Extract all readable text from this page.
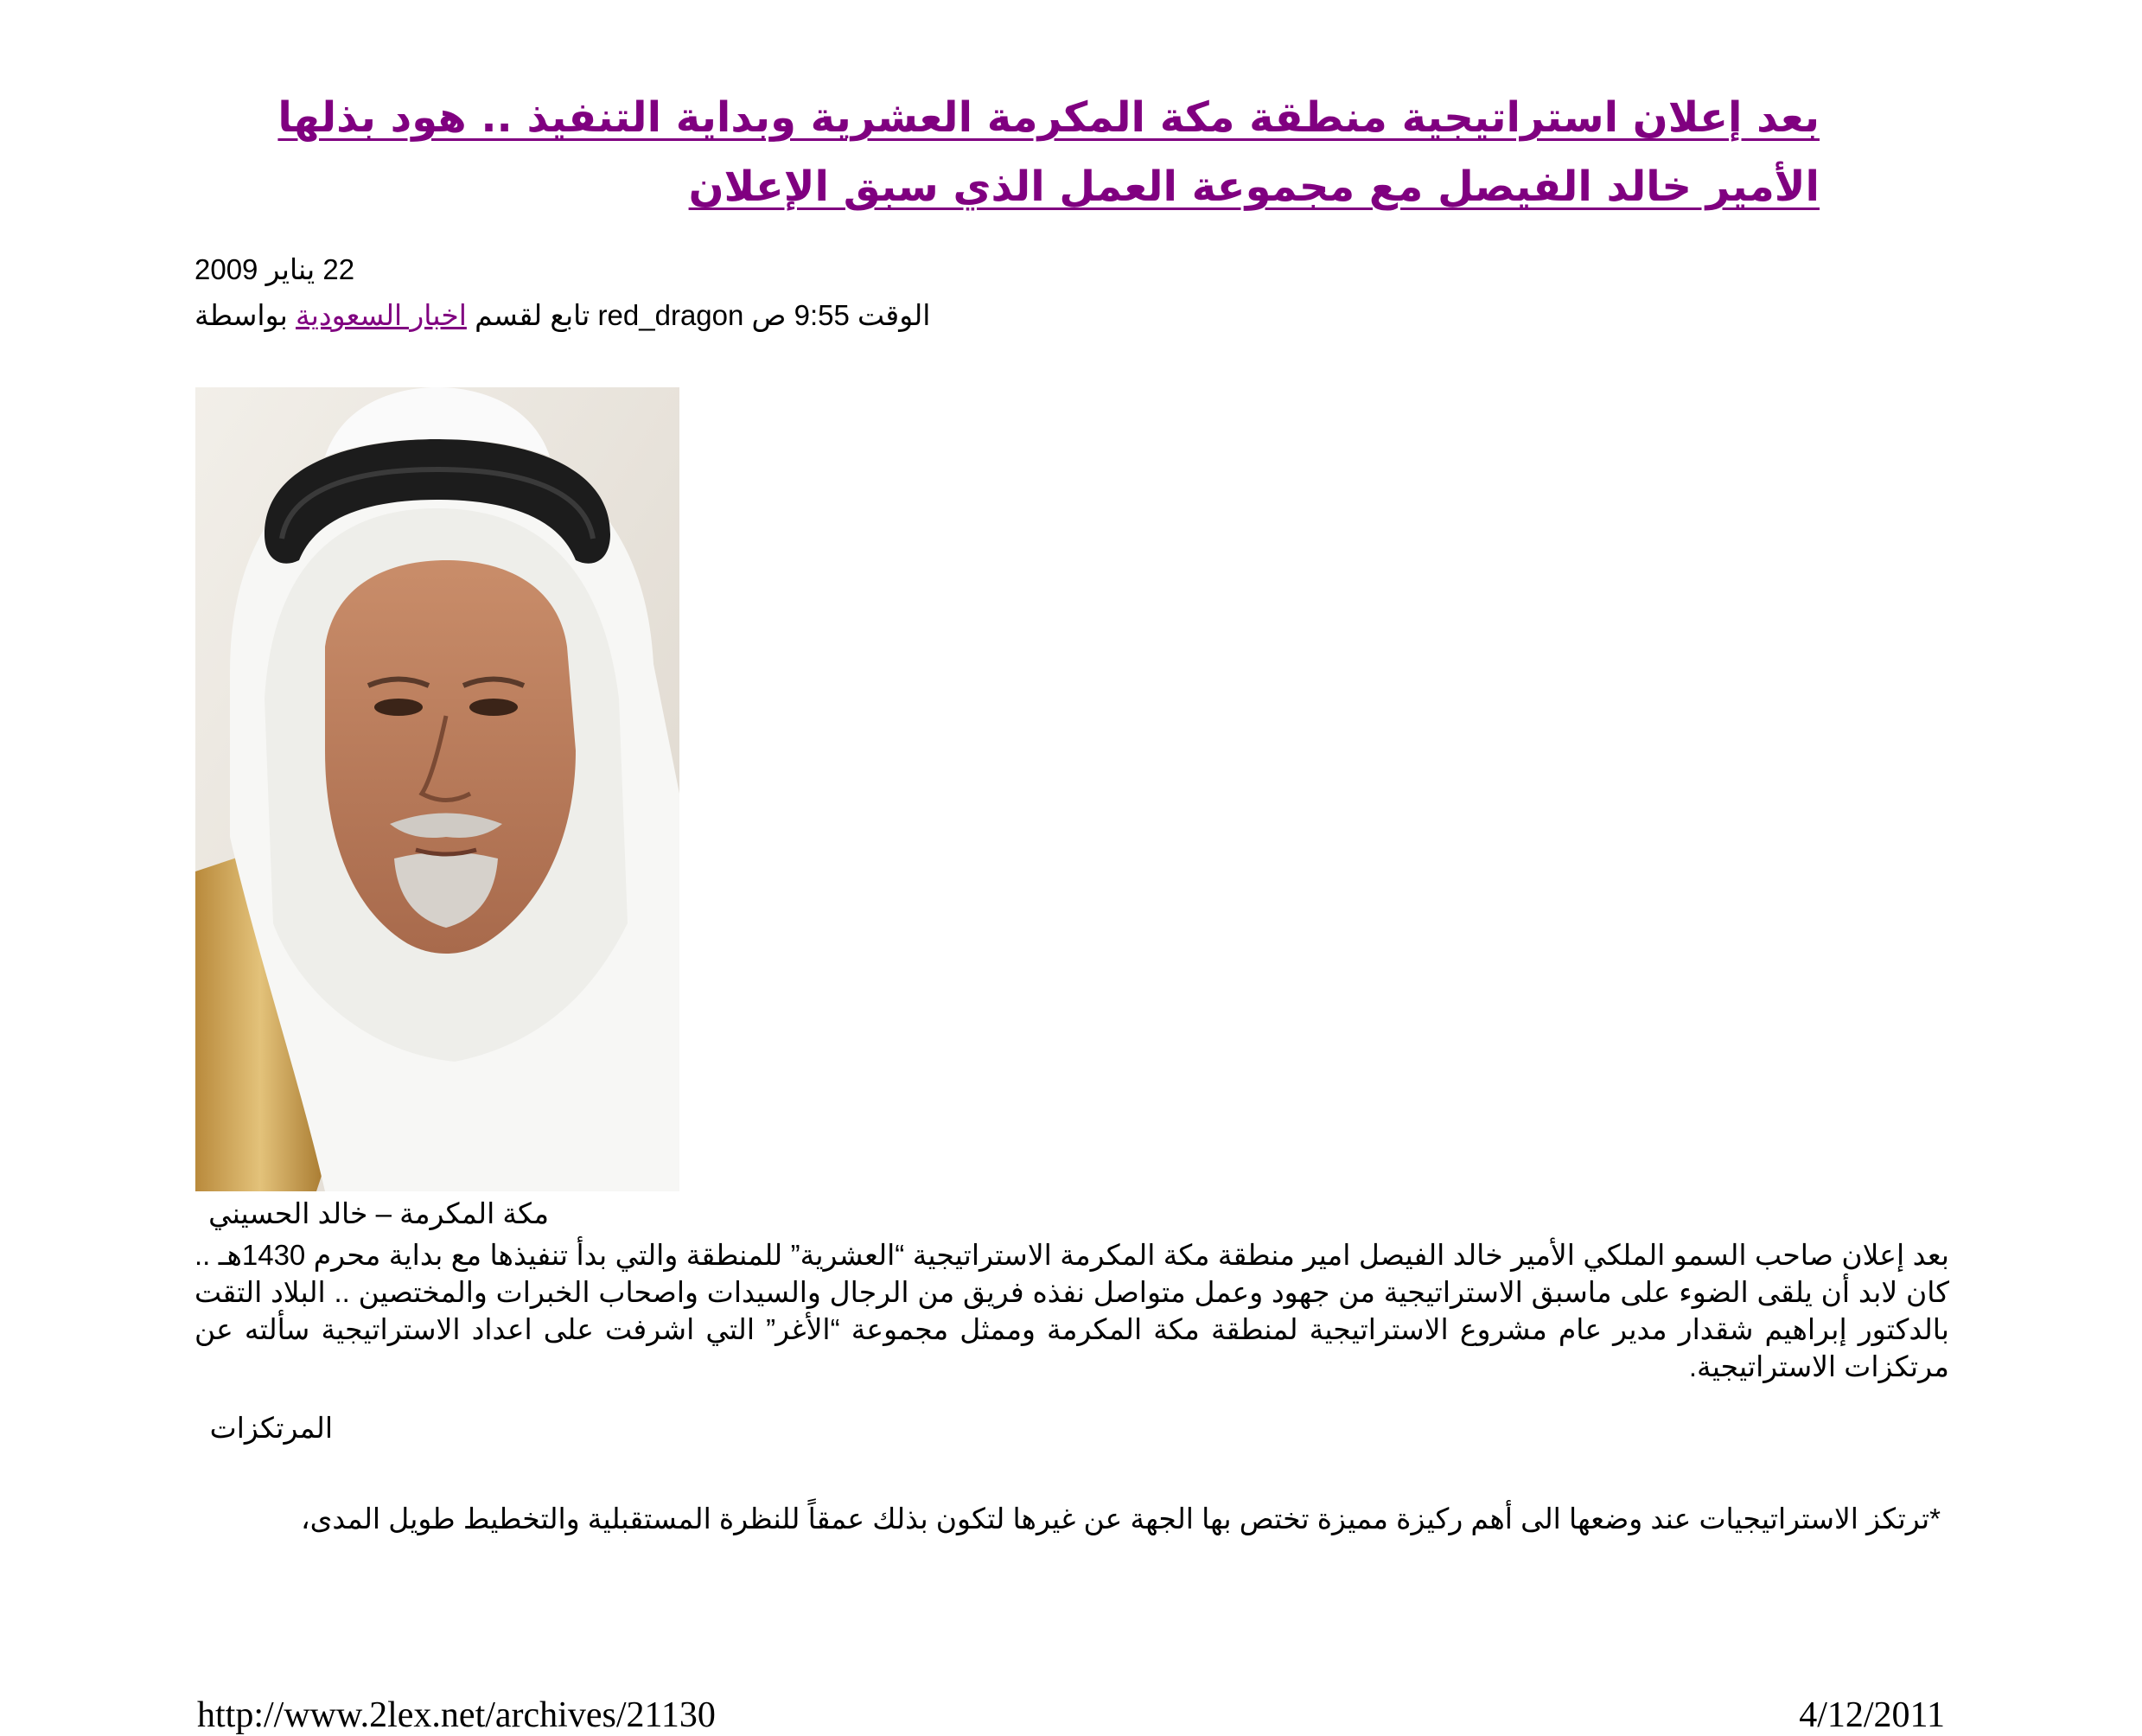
بعد إعلان استراتيجية منطقة مكة المكرمة العشرية وبداية التنفيذ .. هود بذلها الأمير خالد الفيصل مع مجموعة العمل الذي سبق الإعلان
22 يناير 2009
الوقت 9:55 ص red_dragon تابع لقسم اخبار السعودية بواسطة

مكة المكرمة – خالد الحسيني

بعد إعلان صاحب السمو الملكي الأمير خالد الفيصل امير منطقة مكة المكرمة الاستراتيجية “العشرية” للمنطقة والتي بدأ تنفيذها مع بداية محرم 1430هـ .. كان لابد أن يلقى الضوء على ماسبق الاستراتيجية من جهود وعمل متواصل نفذه فريق من الرجال والسيدات واصحاب الخبرات والمختصين .. البلاد التقت بالدكتور إبراهيم شقدار مدير عام مشروع الاستراتيجية لمنطقة مكة المكرمة وممثل مجموعة “الأغر” التي اشرفت على اعداد الاستراتيجية سألته عن مرتكزات الاستراتيجية.

المرتكزات

*ترتكز الاستراتيجيات عند وضعها الى أهم ركيزة مميزة تختص بها الجهة عن غيرها لتكون بذلك عمقاً للنظرة المستقبلية والتخطيط طويل المدى،

http://www.2lex.net/archives/21130	4/12/2011
